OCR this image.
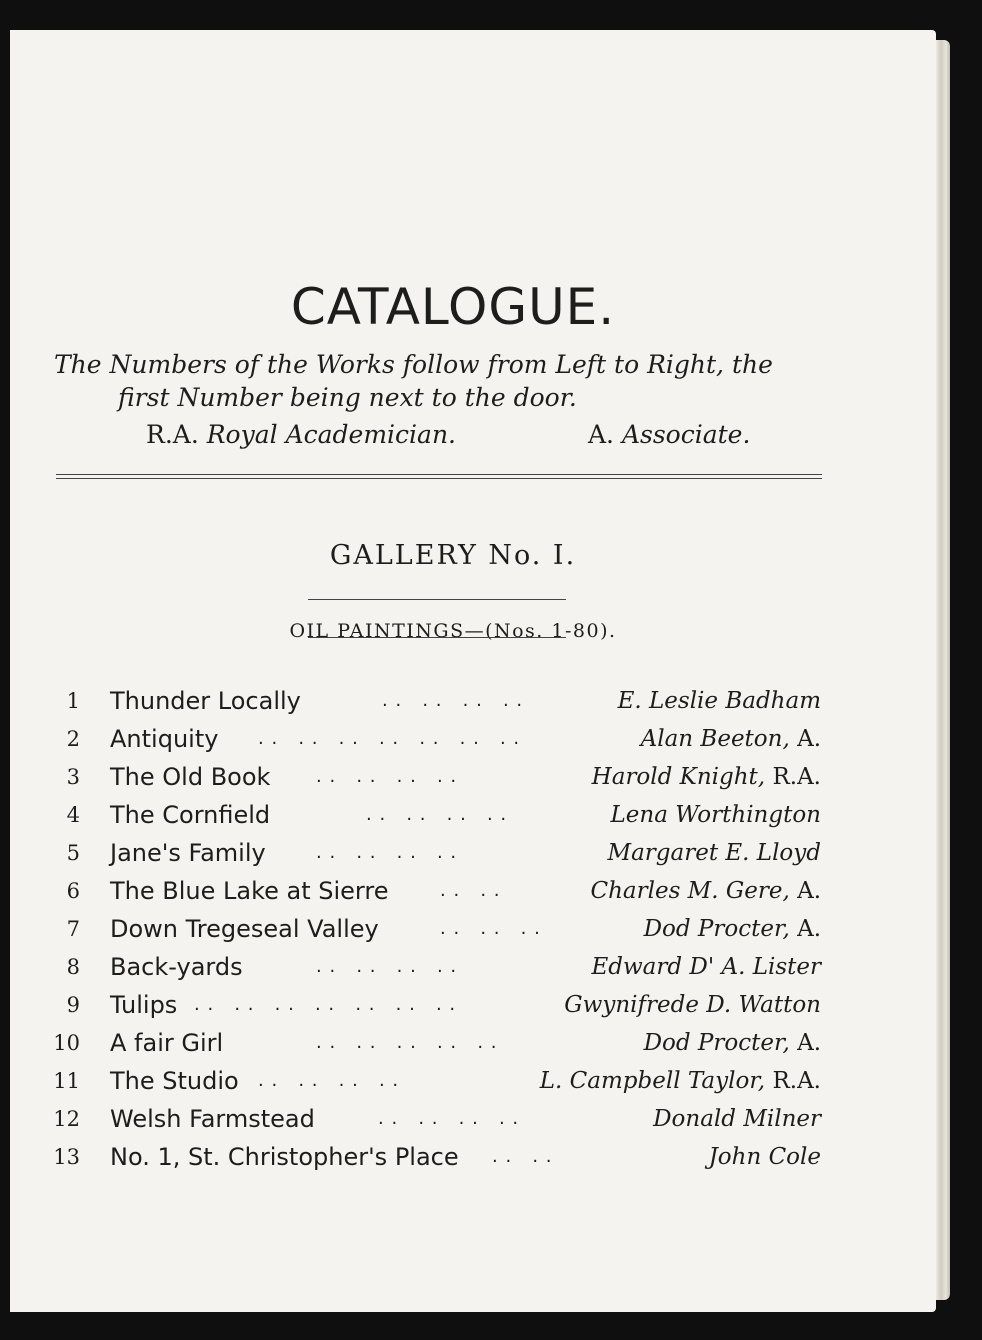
CATALOGUE.
The Numbers of the Works follow from Left to Right, the
first Number being next to the door.
R.A. Royal Academician.	A. Associate.
GALLERY No. I.
OIL PAINTINGS—(Nos. 1-80).
1 Thunder Locally	. .   . .   . .   . .	E. Leslie Badham
2 Antiquity . .   . .   . .   . .   . .   . .   . .	Alan Beeton, A.
3 The Old Book	. .   . .   . .   . .	Harold Knight, R.A.
4 The Cornfield	. .   . .   . .   . .	Lena Worthington
5 Jane's Family	. .   . .   . .   . .	Margaret E. Lloyd
6 The Blue Lake at Sierre	. .   . .	Charles M. Gere, A.
7 Down Tregeseal Valley	. .   . .   . .	Dod Procter, A.
8 Back-yards	. .   . .   . .   . .	Edward D' A. Lister
9 Tulips . .   . .   . .   . .   . .   . .   . .	Gwynifrede D. Watton
10 A fair Girl	. .   . .   . .   . .   . .	Dod Procter, A.
11 The Studio . .   . .   . .   . .	L. Campbell Taylor, R.A.
12 Welsh Farmstead	. .   . .   . .   . .	Donald Milner
13 No. 1, St. Christopher's Place . .   . .	John Cole
